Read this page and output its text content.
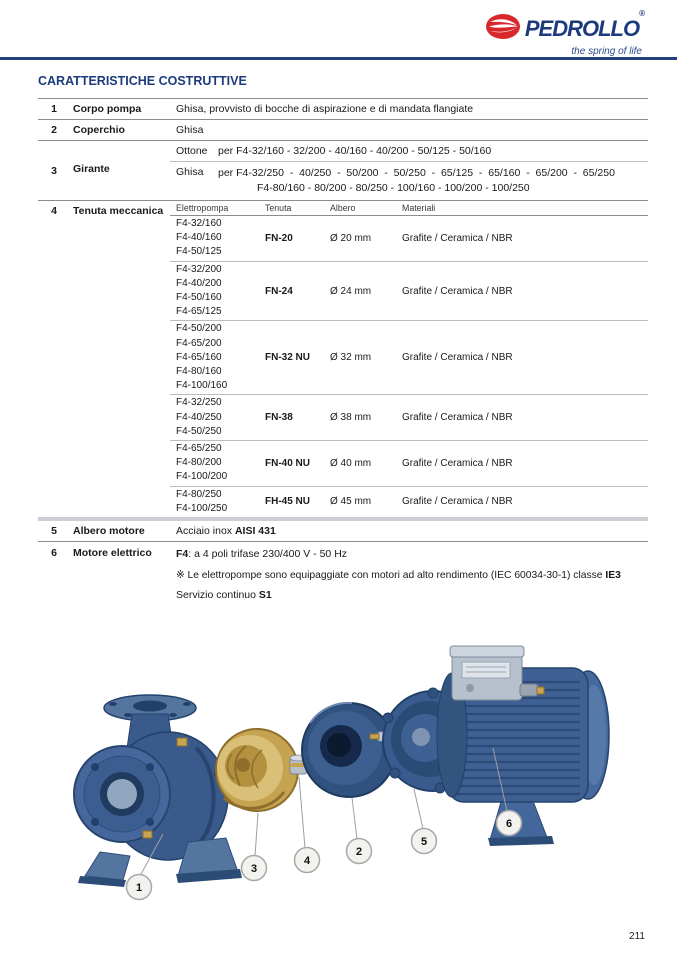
PEDROLLO®
the spring of life
CARATTERISTICHE COSTRUTTIVE
1	Corpo pompa	Ghisa, provvisto di bocche di aspirazione e di mandata flangiate
2	Coperchio	Ghisa
3	Girante
Ottone per F4-32/160 - 32/200 - 40/160 - 40/200 - 50/125 - 50/160
Ghisa	per F4-32/250  -  40/250  -  50/200  -  50/250  -  65/125  -  65/160  -  65/200  -  65/250
F4-80/160 - 80/200 - 80/250 - 100/160 - 100/200 - 100/250
4	Tenuta meccanica	Elettropompa	Tenuta	Albero	Materiali
F4-32/160
F4-40/160
F4-50/125
FN-20	Ø 20 mm	Grafite / Ceramica / NBR
F4-32/200
F4-40/200
F4-50/160
F4-65/125
FN-24	Ø 24 mm	Grafite / Ceramica / NBR
F4-50/200
F4-65/200
F4-65/160
F4-80/160
F4-100/160
FN-32 NU	Ø 32 mm	Grafite / Ceramica / NBR
F4-32/250
F4-40/250
F4-50/250
FN-38	Ø 38 mm	Grafite / Ceramica / NBR
F4-65/250
F4-80/200
F4-100/200
FN-40 NU	Ø 40 mm	Grafite / Ceramica / NBR
F4-80/250
F4-100/250
FH-45 NU	Ø 45 mm	Grafite / Ceramica / NBR
5	Albero motore	Acciaio inox AISI 431
6	Motore elettrico	F4: a 4 poli trifase 230/400 V - 50 Hz
※ Le elettropompe sono equipaggiate con motori ad alto rendimento (IEC 60034-30-1) classe IE3
Servizio continuo S1
1
3
4
2
5
6
211
